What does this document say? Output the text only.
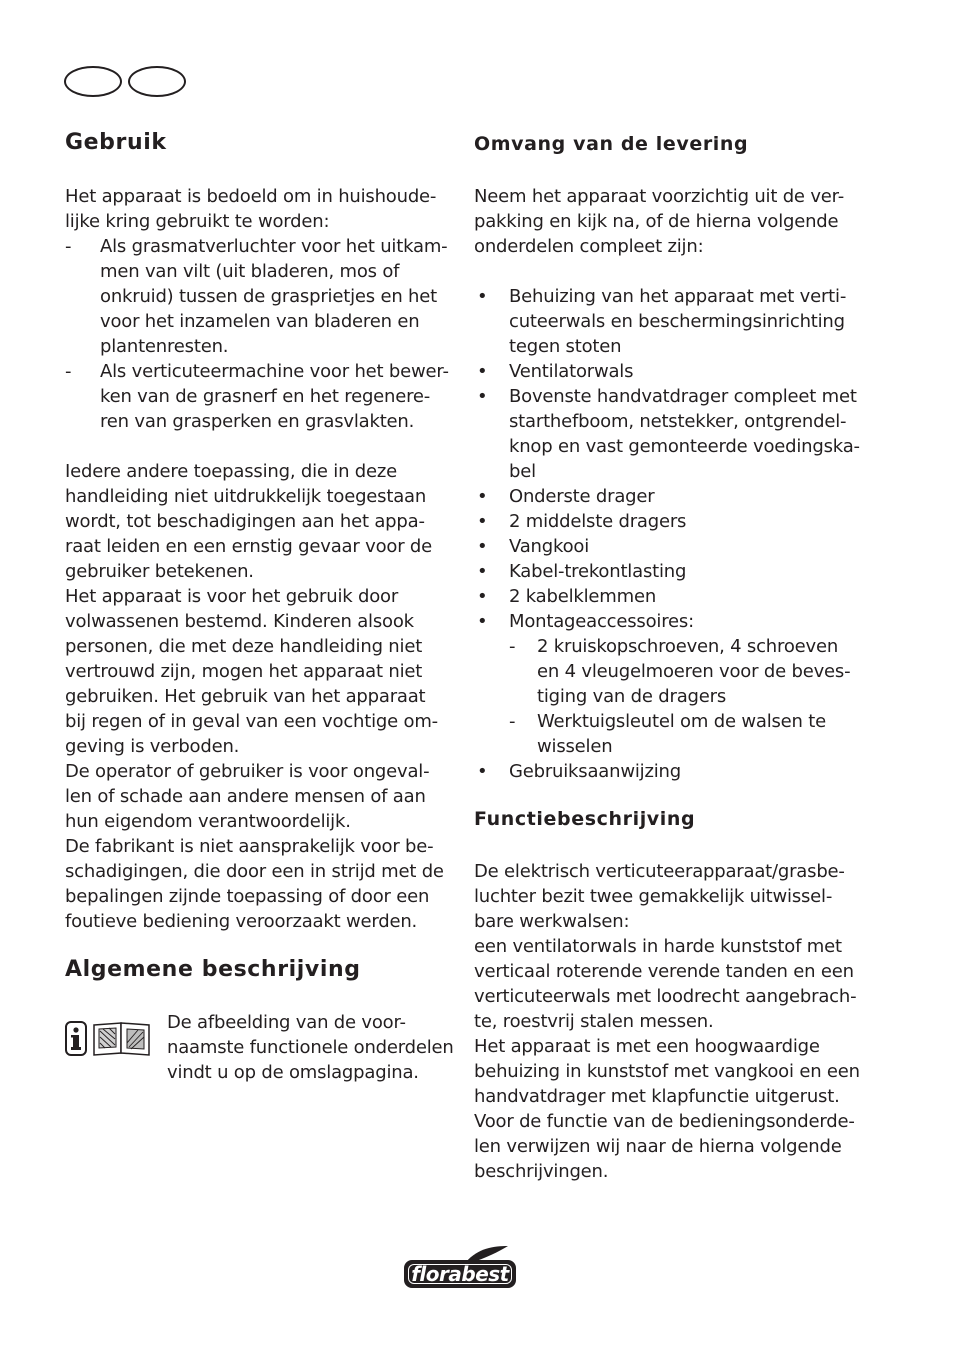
Gebruik

Het apparaat is bedoeld om in huishoude-
lijke kring gebruikt te worden:

- Als grasmatverluchter voor het uitkam-
men van vilt (uit bladeren, mos of
onkruid) tussen de grasprietjes en het
voor het inzamelen van bladeren en
plantenresten.
- Als verticuteermachine voor het bewer-
ken van de grasnerf en het regenere-
ren van grasperken en grasvlakten.

Iedere andere toepassing, die in deze
handleiding niet uitdrukkelijk toegestaan
wordt, tot beschadigingen aan het appa-
raat leiden en een ernstig gevaar voor de
gebruiker betekenen.
Het apparaat is voor het gebruik door
volwassenen bestemd. Kinderen alsook
personen, die met deze handleiding niet
vertrouwd zijn, mogen het apparaat niet
gebruiken. Het gebruik van het apparaat
bij regen of in geval van een vochtige om-
geving is verboden.
De operator of gebruiker is voor ongeval-
len of schade aan andere mensen of aan
hun eigendom verantwoordelijk.
De fabrikant is niet aansprakelijk voor be-
schadigingen, die door een in strijd met de
bepalingen zijnde toepassing of door een
foutieve bediening veroorzaakt werden.

Algemene beschrijving

De afbeelding van de voor-
naamste functionele onderdelen
vindt u op de omslagpagina.

Omvang van de levering

Neem het apparaat voorzichtig uit de ver-
pakking en kijk na, of de hierna volgende
onderdelen compleet zijn:

• Behuizing van het apparaat met verti-
cuteerwals en beschermingsinrichting
tegen stoten
• Ventilatorwals
• Bovenste handvatdrager compleet met
starthefboom, netstekker, ontgrendel-
knop en vast gemonteerde voedingska-
bel
• Onderste drager
• 2 middelste dragers
• Vangkooi
• Kabel-trekontlasting
• 2 kabelklemmen
• Montageaccessoires:
- 2 kruiskopschroeven, 4 schroeven
en 4 vleugelmoeren voor de beves-
tiging van de dragers
- Werktuigsleutel om de walsen te
wisselen
• Gebruiksaanwijzing
Functiebeschrijving

De elektrisch verticuteerapparaat/grasbe-
luchter bezit twee gemakkelijk uitwissel-
bare werkwalsen:
een ventilatorwals in harde kunststof met
verticaal roterende verende tanden en een
verticuteerwals met loodrecht aangebrach-
te, roestvrij stalen messen.
Het apparaat is met een hoogwaardige
behuizing in kunststof met vangkooi en een
handvatdrager met klapfunctie uitgerust.
Voor de functie van de bedieningsonderde-
len verwijzen wij naar de hierna volgende
beschrijvingen.

florabest
